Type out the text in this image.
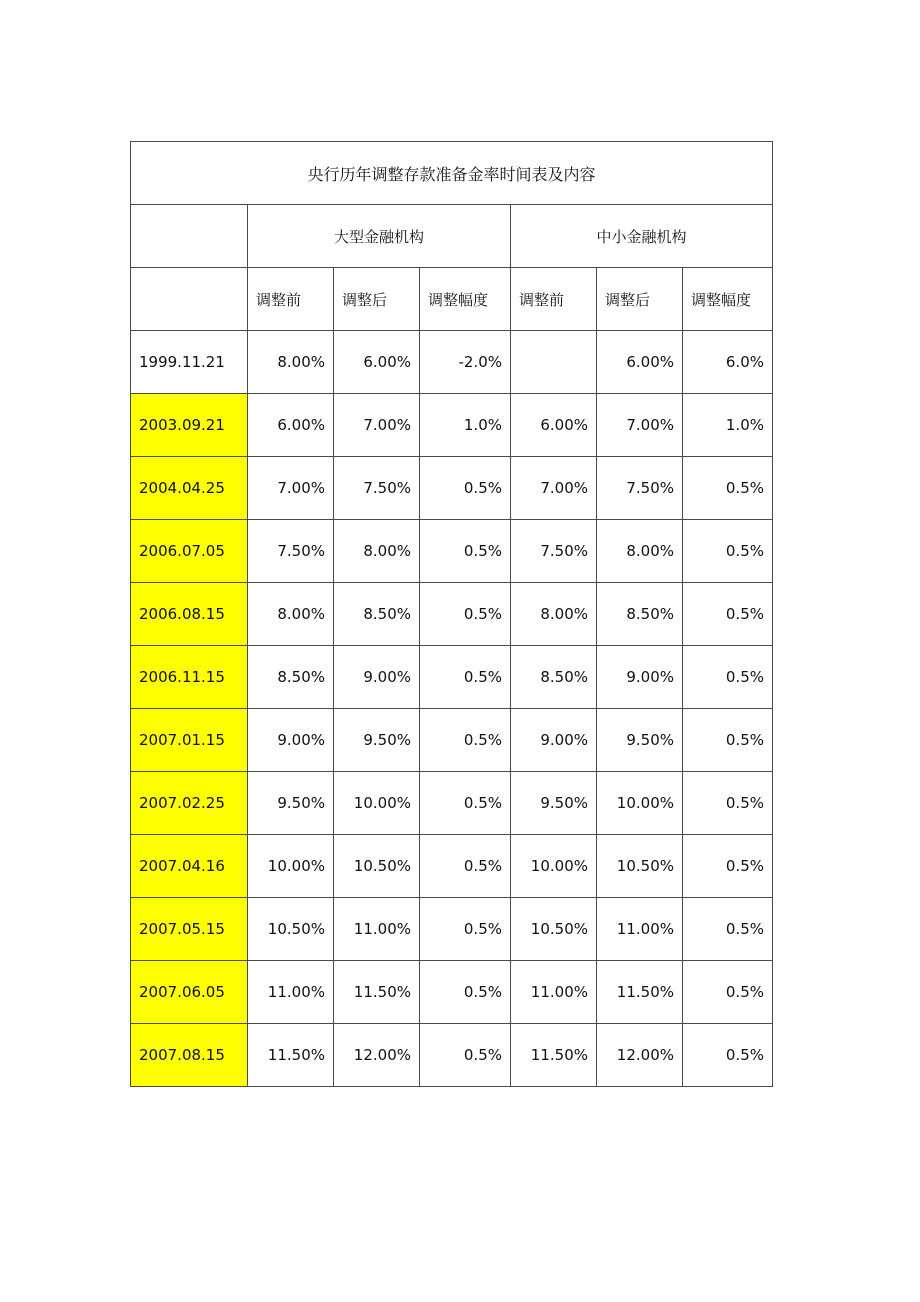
央行历年调整存款准备金率时间表及内容						
	大型金融机构			中小金融机构		
	调整前	调整后	调整幅度	调整前	调整后	调整幅度
1999.11.21	8.00%	6.00%	-2.0%		6.00%	6.0%
2003.09.21	6.00%	7.00%	1.0%	6.00%	7.00%	1.0%
2004.04.25	7.00%	7.50%	0.5%	7.00%	7.50%	0.5%
2006.07.05	7.50%	8.00%	0.5%	7.50%	8.00%	0.5%
2006.08.15	8.00%	8.50%	0.5%	8.00%	8.50%	0.5%
2006.11.15	8.50%	9.00%	0.5%	8.50%	9.00%	0.5%
2007.01.15	9.00%	9.50%	0.5%	9.00%	9.50%	0.5%
2007.02.25	9.50%	10.00%	0.5%	9.50%	10.00%	0.5%
2007.04.16	10.00%	10.50%	0.5%	10.00%	10.50%	0.5%
2007.05.15	10.50%	11.00%	0.5%	10.50%	11.00%	0.5%
2007.06.05	11.00%	11.50%	0.5%	11.00%	11.50%	0.5%
2007.08.15	11.50%	12.00%	0.5%	11.50%	12.00%	0.5%
